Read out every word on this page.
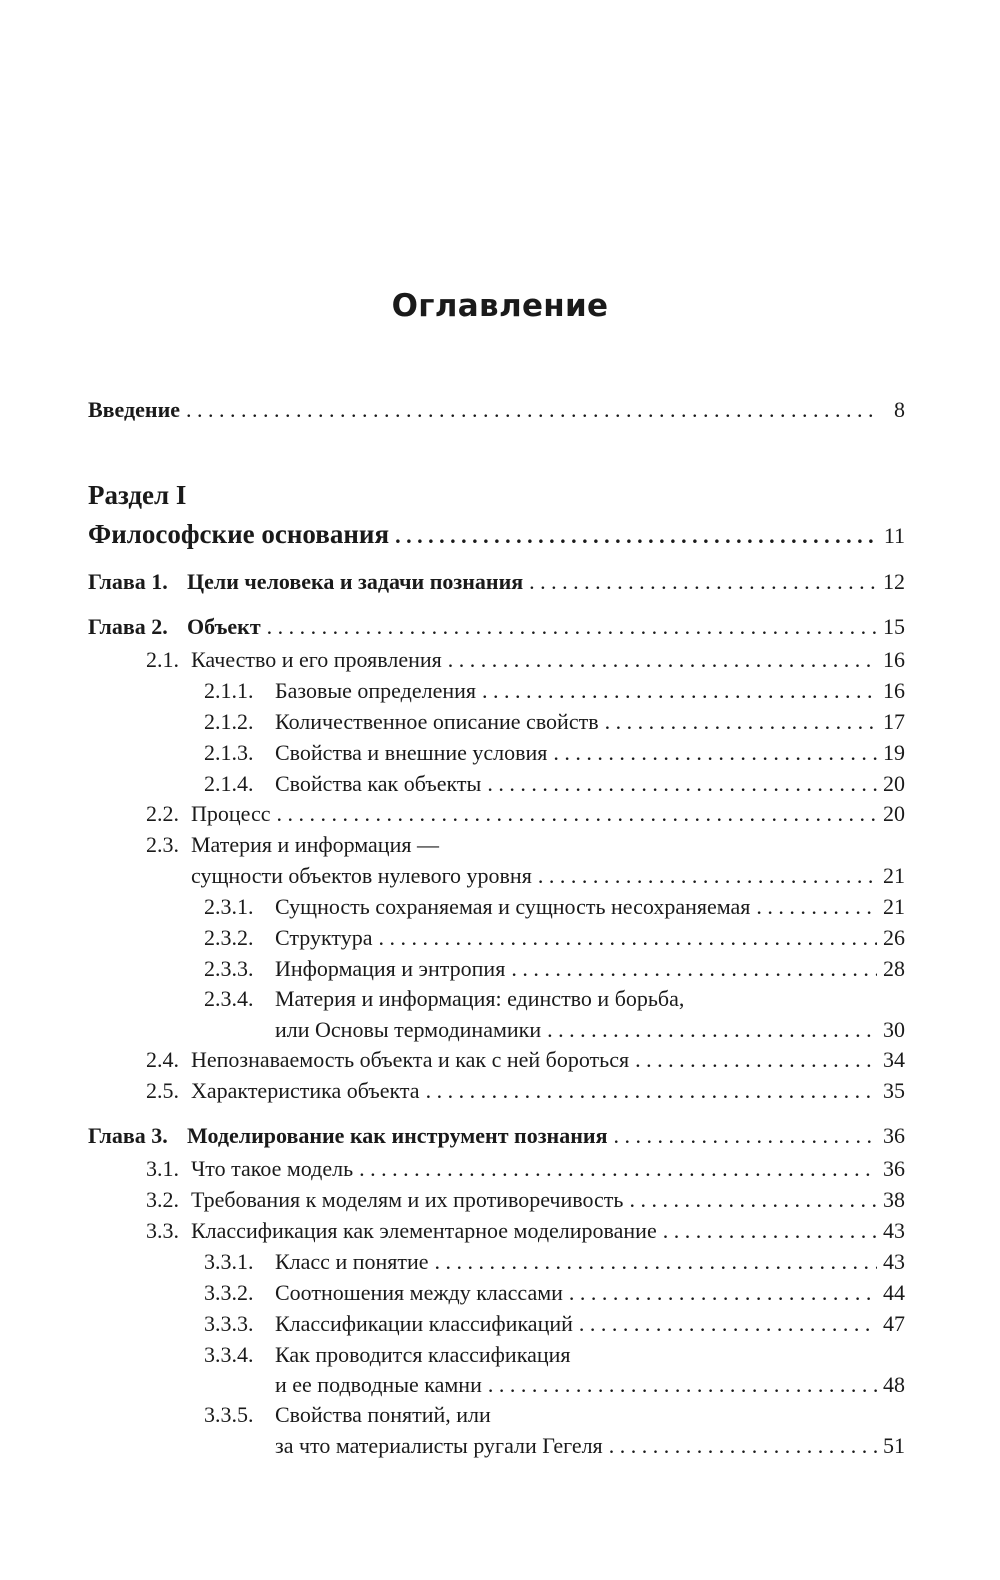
Оглавление
Введение . . .	8
Раздел I
Философские основания . . .	11
Глава 1. Цели человека и задачи познания . . .	12
Глава 2. Объект . . .	15
2.1. Качество и его проявления . . .	16
2.1.1. Базовые определения . . .	16
2.1.2. Количественное описание свойств . . .	17
2.1.3. Свойства и внешние условия . . .	19
2.1.4. Свойства как объекты . . .	20
2.2. Процесс . . .	20
2.3. Материя и информация —
сущности объектов нулевого уровня . . .	21
2.3.1. Сущность сохраняемая и сущность несохраняемая . . .	21
2.3.2. Структура . . .	26
2.3.3. Информация и энтропия . . .	28
2.3.4. Материя и информация: единство и борьба,
или Основы термодинамики . . .	30
2.4. Непознаваемость объекта и как с ней бороться . . .	34
2.5. Характеристика объекта . . .	35
Глава 3. Моделирование как инструмент познания . . .	36
3.1. Что такое модель . . .	36
3.2. Требования к моделям и их противоречивость . . .	38
3.3. Классификация как элементарное моделирование . . .	43
3.3.1. Класс и понятие . . .	43
3.3.2. Соотношения между классами . . .	44
3.3.3. Классификации классификаций . . .	47
3.3.4. Как проводится классификация
и ее подводные камни . . .	48
3.3.5. Свойства понятий, или
за что материалисты ругали Гегеля . . .	51
